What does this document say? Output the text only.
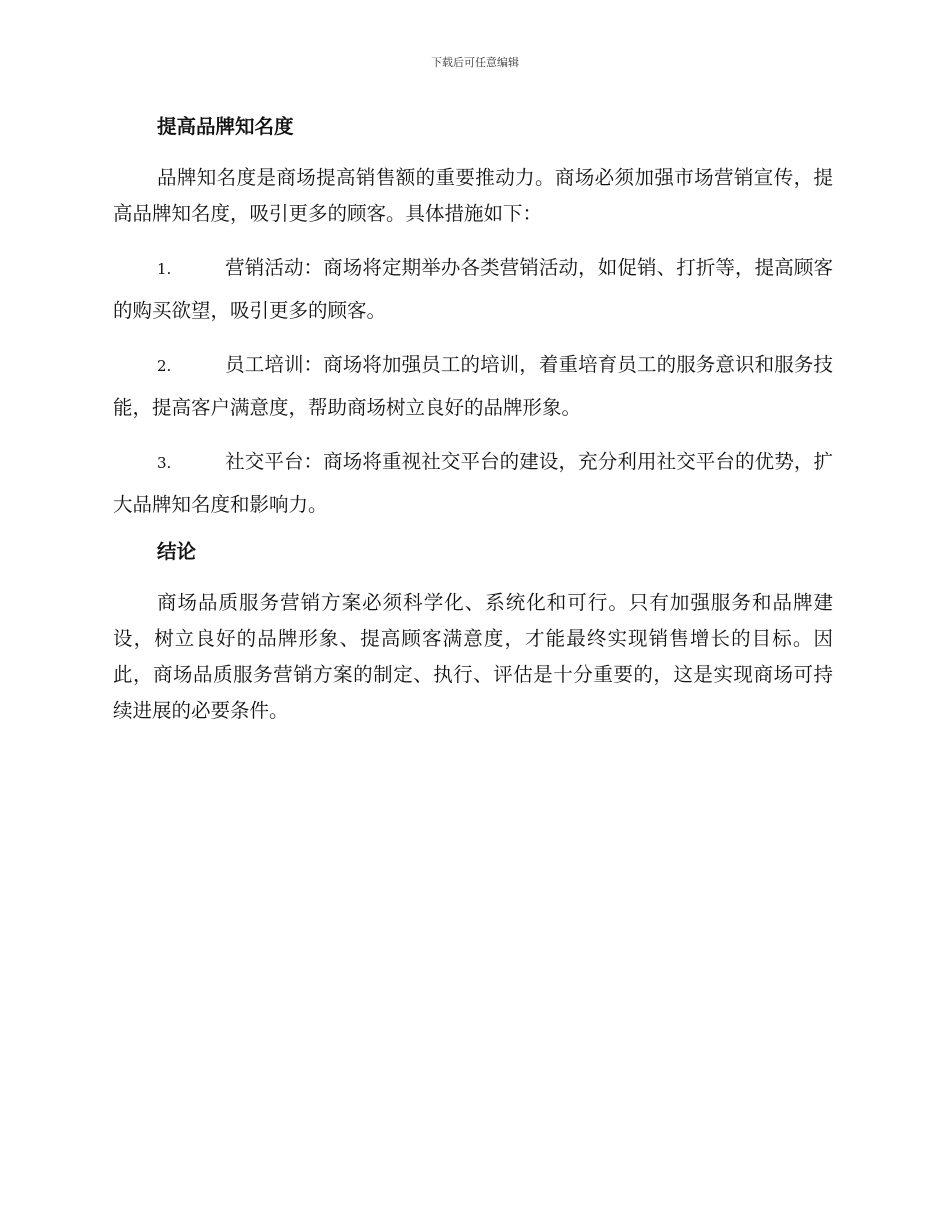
下载后可任意编辑
提高品牌知名度

品牌知名度是商场提高销售额的重要推动力。商场必须加强市场营销宣传，提高品牌知名度，吸引更多的顾客。具体措施如下：

1.	营销活动：商场将定期举办各类营销活动，如促销、打折等，提高顾客的购买欲望，吸引更多的顾客。
2.	员工培训：商场将加强员工的培训，着重培育员工的服务意识和服务技能，提高客户满意度，帮助商场树立良好的品牌形象。
3.	社交平台：商场将重视社交平台的建设，充分利用社交平台的优势，扩大品牌知名度和影响力。
结论

商场品质服务营销方案必须科学化、系统化和可行。只有加强服务和品牌建设，树立良好的品牌形象、提高顾客满意度，才能最终实现销售增长的目标。因此，商场品质服务营销方案的制定、执行、评估是十分重要的，这是实现商场可持续进展的必要条件。
